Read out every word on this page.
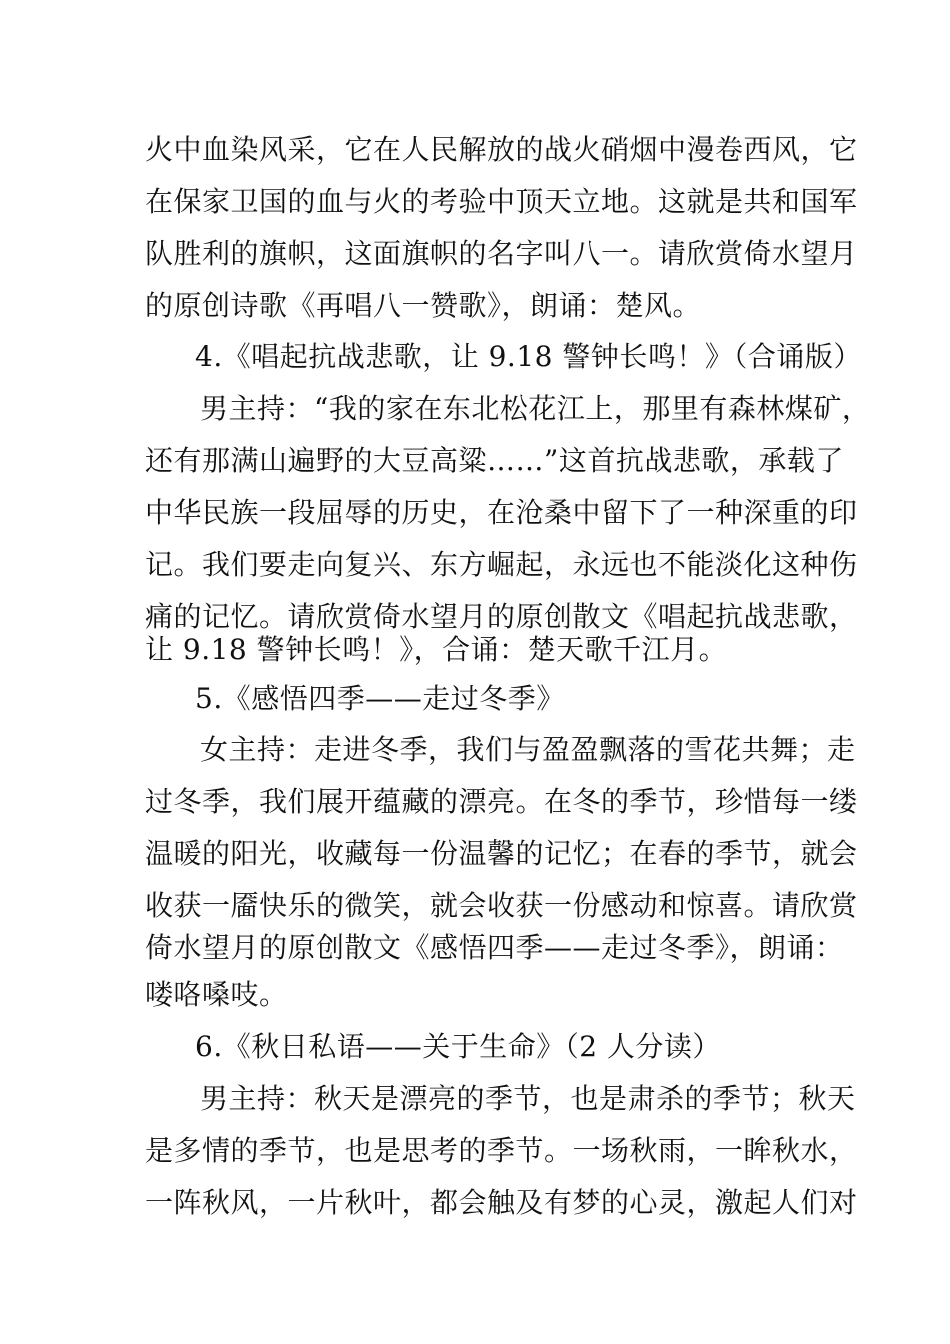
火中血染风采，它在人民解放的战火硝烟中漫卷西风，它
在保家卫国的血与火的考验中顶天立地。这就是共和国军
队胜利的旗帜，这面旗帜的名字叫八一。请欣赏倚水望月
的原创诗歌《再唱八一赞歌》，朗诵：楚风。
4.《唱起抗战悲歌，让 9.18 警钟长鸣！》（合诵版）
男主持：“我的家在东北松花江上，那里有森林煤矿，
还有那满山遍野的大豆高粱……”这首抗战悲歌，承载了
中华民族一段屈辱的历史，在沧桑中留下了一种深重的印
记。我们要走向复兴、东方崛起，永远也不能淡化这种伤
痛的记忆。请欣赏倚水望月的原创散文《唱起抗战悲歌，
让 9.18 警钟长鸣！》，合诵：楚天歌千江月。
5.《感悟四季——走过冬季》
女主持：走进冬季，我们与盈盈飘落的雪花共舞；走
过冬季，我们展开蕴藏的漂亮。在冬的季节，珍惜每一缕
温暖的阳光，收藏每一份温馨的记忆；在春的季节，就会
收获一靥快乐的微笑，就会收获一份感动和惊喜。请欣赏
倚水望月的原创散文《感悟四季——走过冬季》，朗诵：
喽咯嗓吱。
6.《秋日私语——关于生命》（2 人分读）
男主持：秋天是漂亮的季节，也是肃杀的季节；秋天
是多情的季节，也是思考的季节。一场秋雨，一眸秋水，
一阵秋风，一片秋叶，都会触及有梦的心灵，激起人们对
